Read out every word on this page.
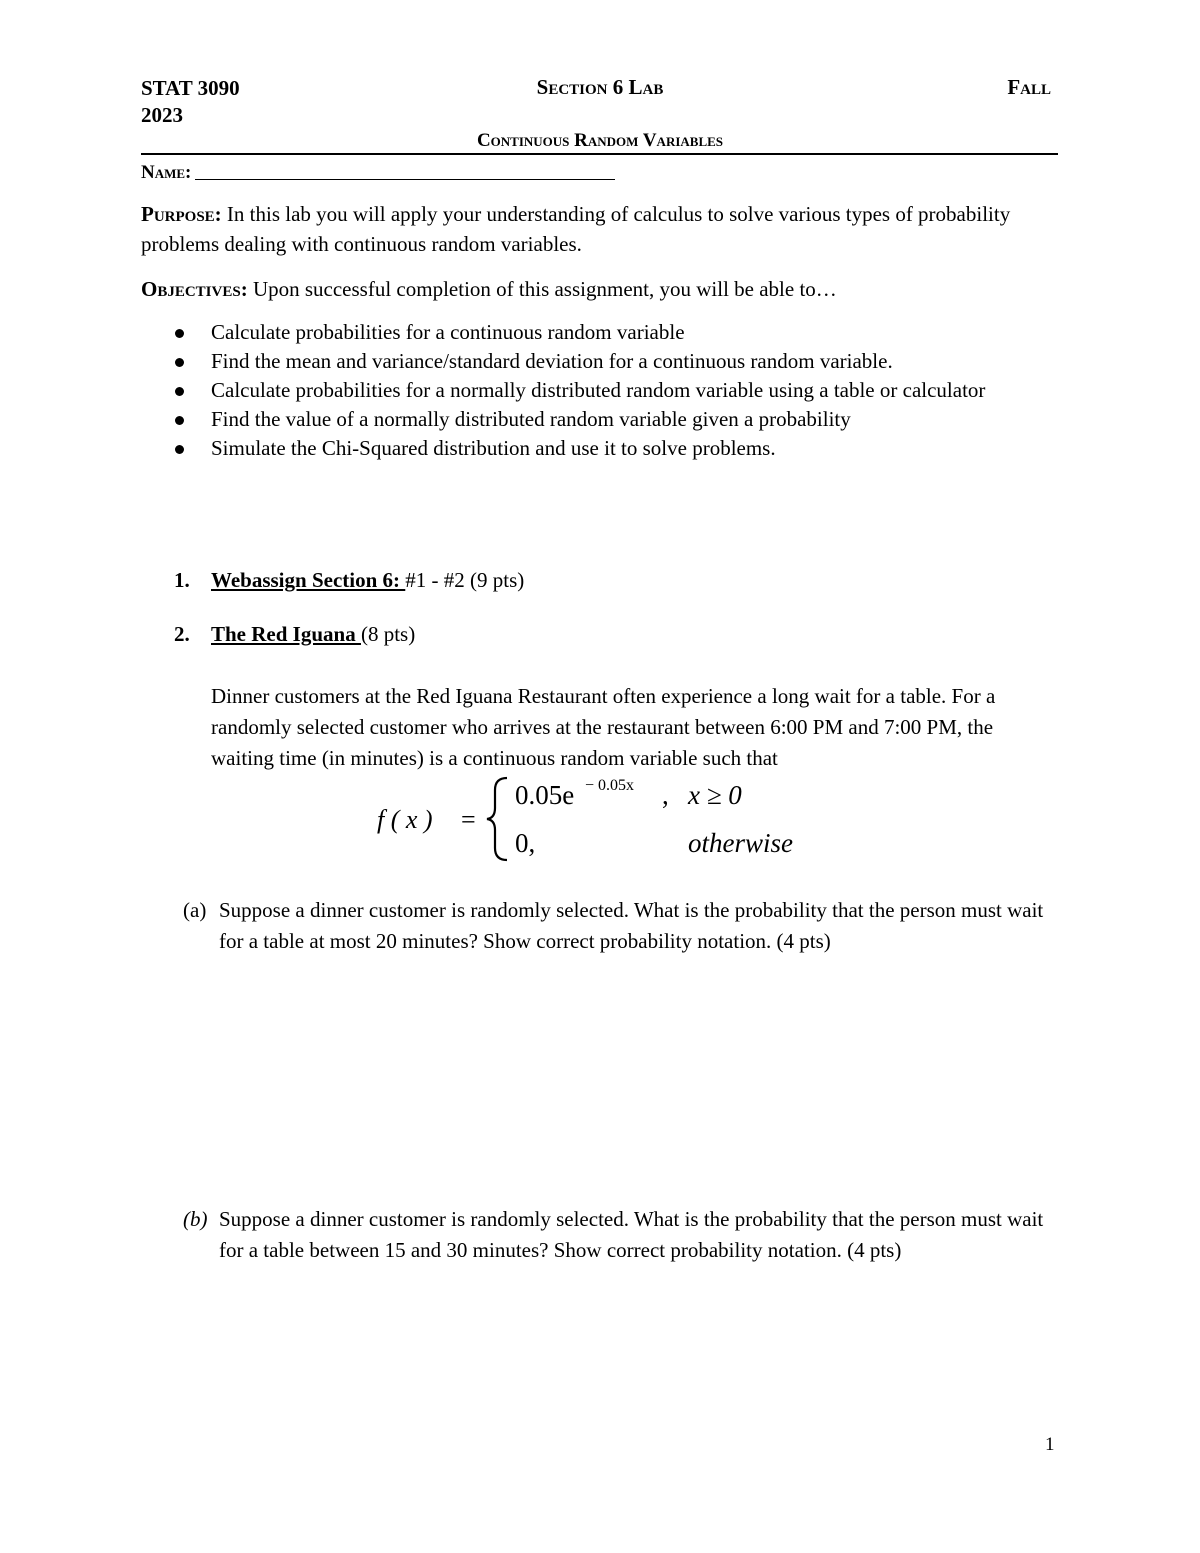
STAT 3090
2023
Section 6 Lab	Fall
Continuous Random Variables
Name:
Purpose: In this lab you will apply your understanding of calculus to solve various types of probability problems dealing with continuous random variables.
Objectives: Upon successful completion of this assignment, you will be able to…
Calculate probabilities for a continuous random variable
Find the mean and variance/standard deviation for a continuous random variable.
Calculate probabilities for a normally distributed random variable using a table or calculator
Find the value of a normally distributed random variable given a probability
Simulate the Chi-Squared distribution and use it to solve problems.
1. Webassign Section 6: #1 - #2 (9 pts)
2. The Red Iguana (8 pts)
Dinner customers at the Red Iguana Restaurant often experience a long wait for a table. For a randomly selected customer who arrives at the restaurant between 6:00 PM and 7:00 PM, the waiting time (in minutes) is a continuous random variable such that
f ( x ) =
0.05e − 0.05x , x ≥ 0
0,	otherwise
(a) Suppose a dinner customer is randomly selected. What is the probability that the person must wait for a table at most 20 minutes? Show correct probability notation. (4 pts)
(b) Suppose a dinner customer is randomly selected. What is the probability that the person must wait for a table between 15 and 30 minutes? Show correct probability notation. (4 pts)
1
